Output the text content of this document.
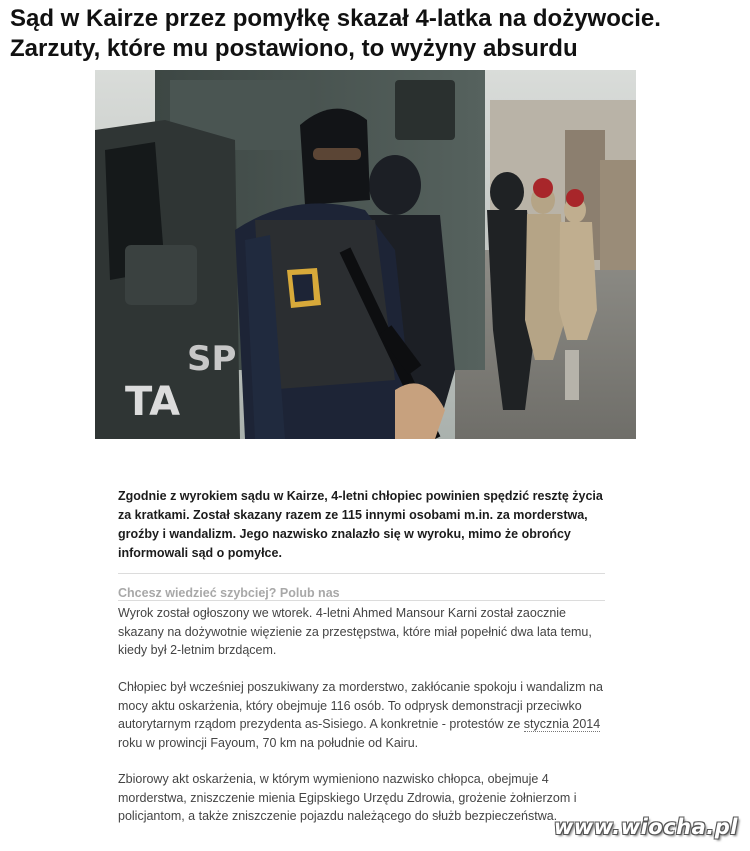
Sąd w Kairze przez pomyłkę skazał 4-latka na dożywocie.
Zarzuty, które mu postawiono, to wyżyny absurdu
TA
SP

Zgodnie z wyrokiem sądu w Kairze, 4-letni chłopiec powinien spędzić resztę życia za kratkami. Został skazany razem ze 115 innymi osobami m.in. za morderstwa, groźby i wandalizm. Jego nazwisko znalazło się w wyroku, mimo że obrońcy informowali sąd o pomyłce.

Chcesz wiedzieć szybciej? Polub nas

Wyrok został ogłoszony we wtorek. 4-letni Ahmed Mansour Karni został zaocznie skazany na dożywotnie więzienie za przestępstwa, które miał popełnić dwa lata temu, kiedy był 2-letnim brzdącem.

Chłopiec był wcześniej poszukiwany za morderstwo, zakłócanie spokoju i wandalizm na mocy aktu oskarżenia, który obejmuje 116 osób. To odprysk demonstracji przeciwko autorytarnym rządom prezydenta as-Sisiego. A konkretnie - protestów ze stycznia 2014 roku w prowincji Fayoum, 70 km na południe od Kairu.

Zbiorowy akt oskarżenia, w którym wymieniono nazwisko chłopca, obejmuje 4 morderstwa, zniszczenie mienia Egipskiego Urzędu Zdrowia, grożenie żołnierzom i policjantom, a także zniszczenie pojazdu należącego do służb bezpieczeństwa.

www.wiocha.pl
